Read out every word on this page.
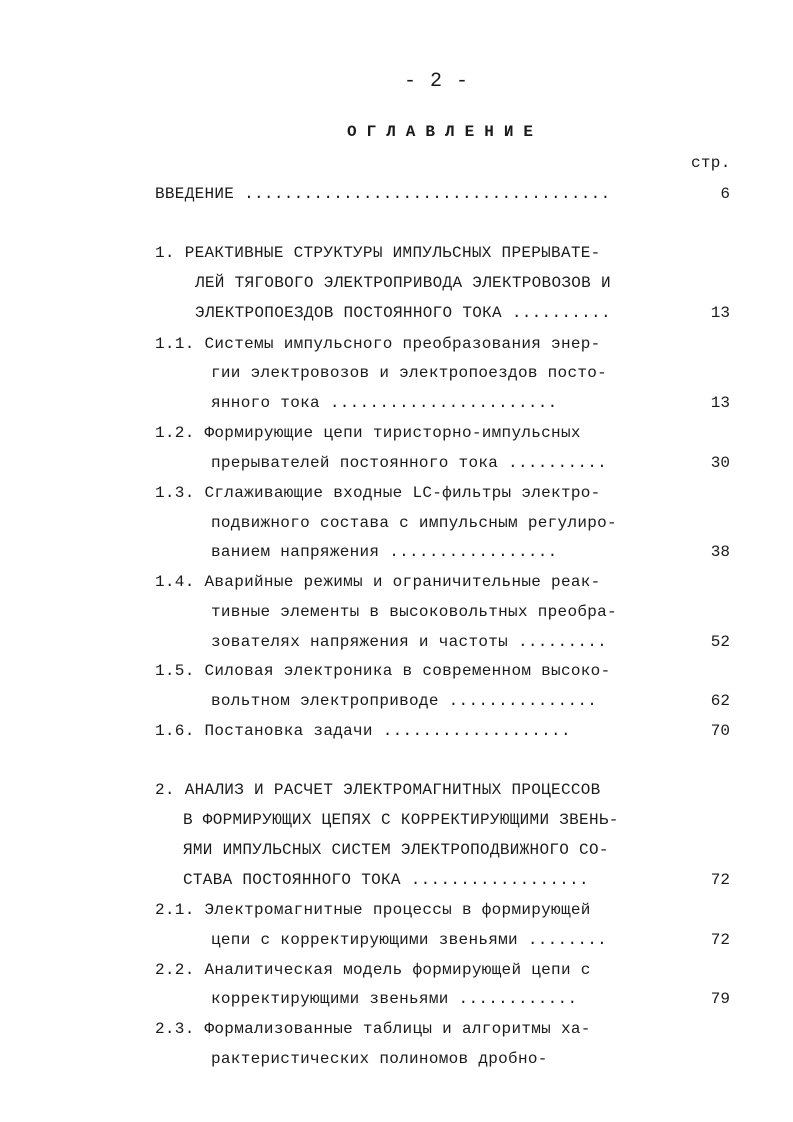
- 2 -
ОГЛАВЛЕНИЕ
стр.
ВВЕДЕНИЕ .....................................	6
1. РЕАКТИВНЫЕ СТРУКТУРЫ ИМПУЛЬСНЫХ ПРЕРЫВАТЕ-
ЛЕЙ ТЯГОВОГО ЭЛЕКТРОПРИВОДА ЭЛЕКТРОВОЗОВ И
ЭЛЕКТРОПОЕЗДОВ ПОСТОЯННОГО ТОКА ..........	13
1.1. Системы импульсного преобразования энер-
гии электровозов и электропоездов посто-
янного тока .......................	13
1.2. Формирующие цепи тиристорно-импульсных
прерывателей постоянного тока ..........	30
1.3. Сглаживающие входные LC-фильтры электро-
подвижного состава с импульсным регулиро-
ванием напряжения .................	38
1.4. Аварийные режимы и ограничительные реак-
тивные элементы в высоковольтных преобра-
зователях напряжения и частоты .........	52
1.5. Силовая электроника в современном высоко-
вольтном электроприводе ...............	62
1.6. Постановка задачи ...................	70
2. АНАЛИЗ И РАСЧЕТ ЭЛЕКТРОМАГНИТНЫХ ПРОЦЕССОВ
В ФОРМИРУЮЩИХ ЦЕПЯХ С КОРРЕКТИРУЮЩИМИ ЗВЕНЬ-
ЯМИ ИМПУЛЬСНЫХ СИСТЕМ ЭЛЕКТРОПОДВИЖНОГО СО-
СТАВА ПОСТОЯННОГО ТОКА ..................	72
2.1. Электромагнитные процессы в формирующей
цепи с корректирующими звеньями ........	72
2.2. Аналитическая модель формирующей цепи с
корректирующими звеньями ............	79
2.3. Формализованные таблицы и алгоритмы ха-
рактеристических полиномов дробно-
